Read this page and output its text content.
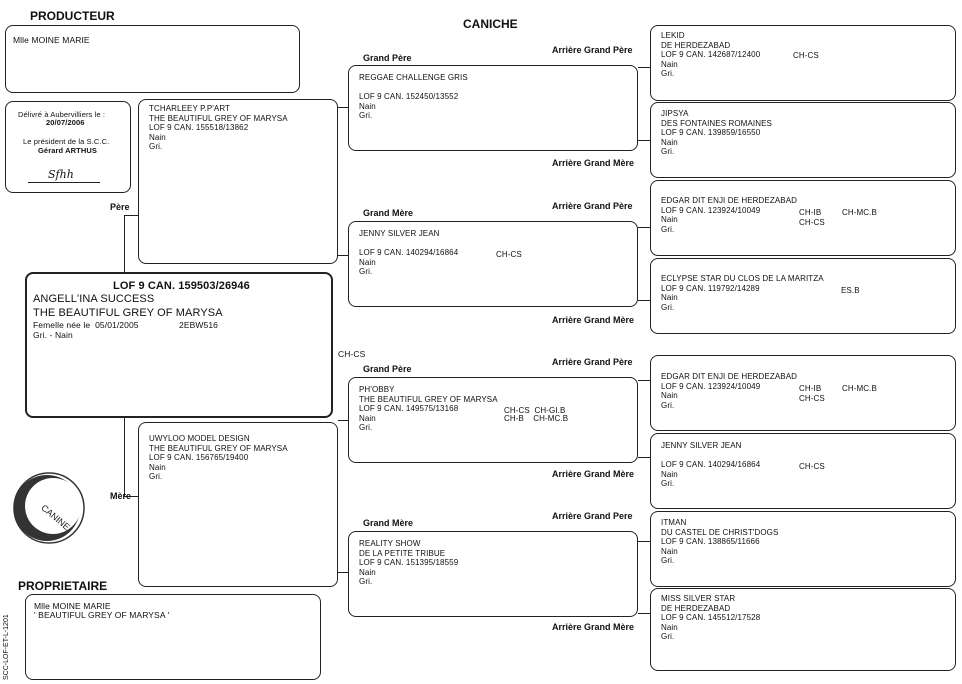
PRODUCTEUR
CANICHE
PROPRIETAIRE
Mlle MOINE MARIE
Délivré à Aubervilliers le :
20/07/2006
Le président de la S.C.C.
Gérard ARTHUS
Sfhh
LOF 9 CAN. 159503/26946
ANGELL'INA SUCCESS
THE BEAUTIFUL GREY OF MARYSA
Femelle née le  05/01/2005	2EBW516
Gri. - Nain
CH-CS
Mlle MOINE MARIE
' BEAUTIFUL GREY OF MARYSA '
CANINE
SCC-LOF-ET-L-1201
Père
Mère
TCHARLEEY P.P'ART
THE BEAUTIFUL GREY OF MARYSA
LOF 9 CAN. 155518/13862
Nain
Gri.
UWYLOO MODEL DESIGN
THE BEAUTIFUL GREY OF MARYSA
LOF 9 CAN. 156765/19400
Nain
Gri.
Grand Père
Grand Mère
Grand Père
Grand Mère
REGGAE CHALLENGE GRIS

LOF 9 CAN. 152450/13552
Nain
Gri.
JENNY SILVER JEAN

LOF 9 CAN. 140294/16864
Nain
Gri.
CH-CS
PH'OBBY
THE BEAUTIFUL GREY OF MARYSA
LOF 9 CAN. 149575/13168
Nain
Gri.
CH-CS  CH-GI.B
CH-B    CH-MC.B
REALITY SHOW
DE LA PETITE TRIBUE
LOF 9 CAN. 151395/18559
Nain
Gri.
Arrière Grand Père
Arrière Grand Mère
Arrière Grand Père
Arrière Grand Mère
Arrière Grand Père
Arrière Grand Mère
Arrière Grand Pere
Arrière Grand Mère
LEKID
DE HERDEZABAD
LOF 9 CAN. 142687/12400
Nain
Gri.
CH-CS
JIPSYA
DES FONTAINES ROMAINES
LOF 9 CAN. 139859/16550
Nain
Gri.
EDGAR DIT ENJI DE HERDEZABAD
LOF 9 CAN. 123924/10049
Nain
Gri.
CH-IB
CH-CS
CH-MC.B
ECLYPSE STAR DU CLOS DE LA MARITZA
LOF 9 CAN. 119792/14289
Nain
Gri.
ES.B
EDGAR DIT ENJI DE HERDEZABAD
LOF 9 CAN. 123924/10049
Nain
Gri.
CH-IB
CH-CS
CH-MC.B
JENNY SILVER JEAN

LOF 9 CAN. 140294/16864
Nain
Gri.
CH-CS
ITMAN
DU CASTEL DE CHRIST'DOGS
LOF 9 CAN. 138865/11666
Nain
Gri.
MISS SILVER STAR
DE HERDEZABAD
LOF 9 CAN. 145512/17528
Nain
Gri.
